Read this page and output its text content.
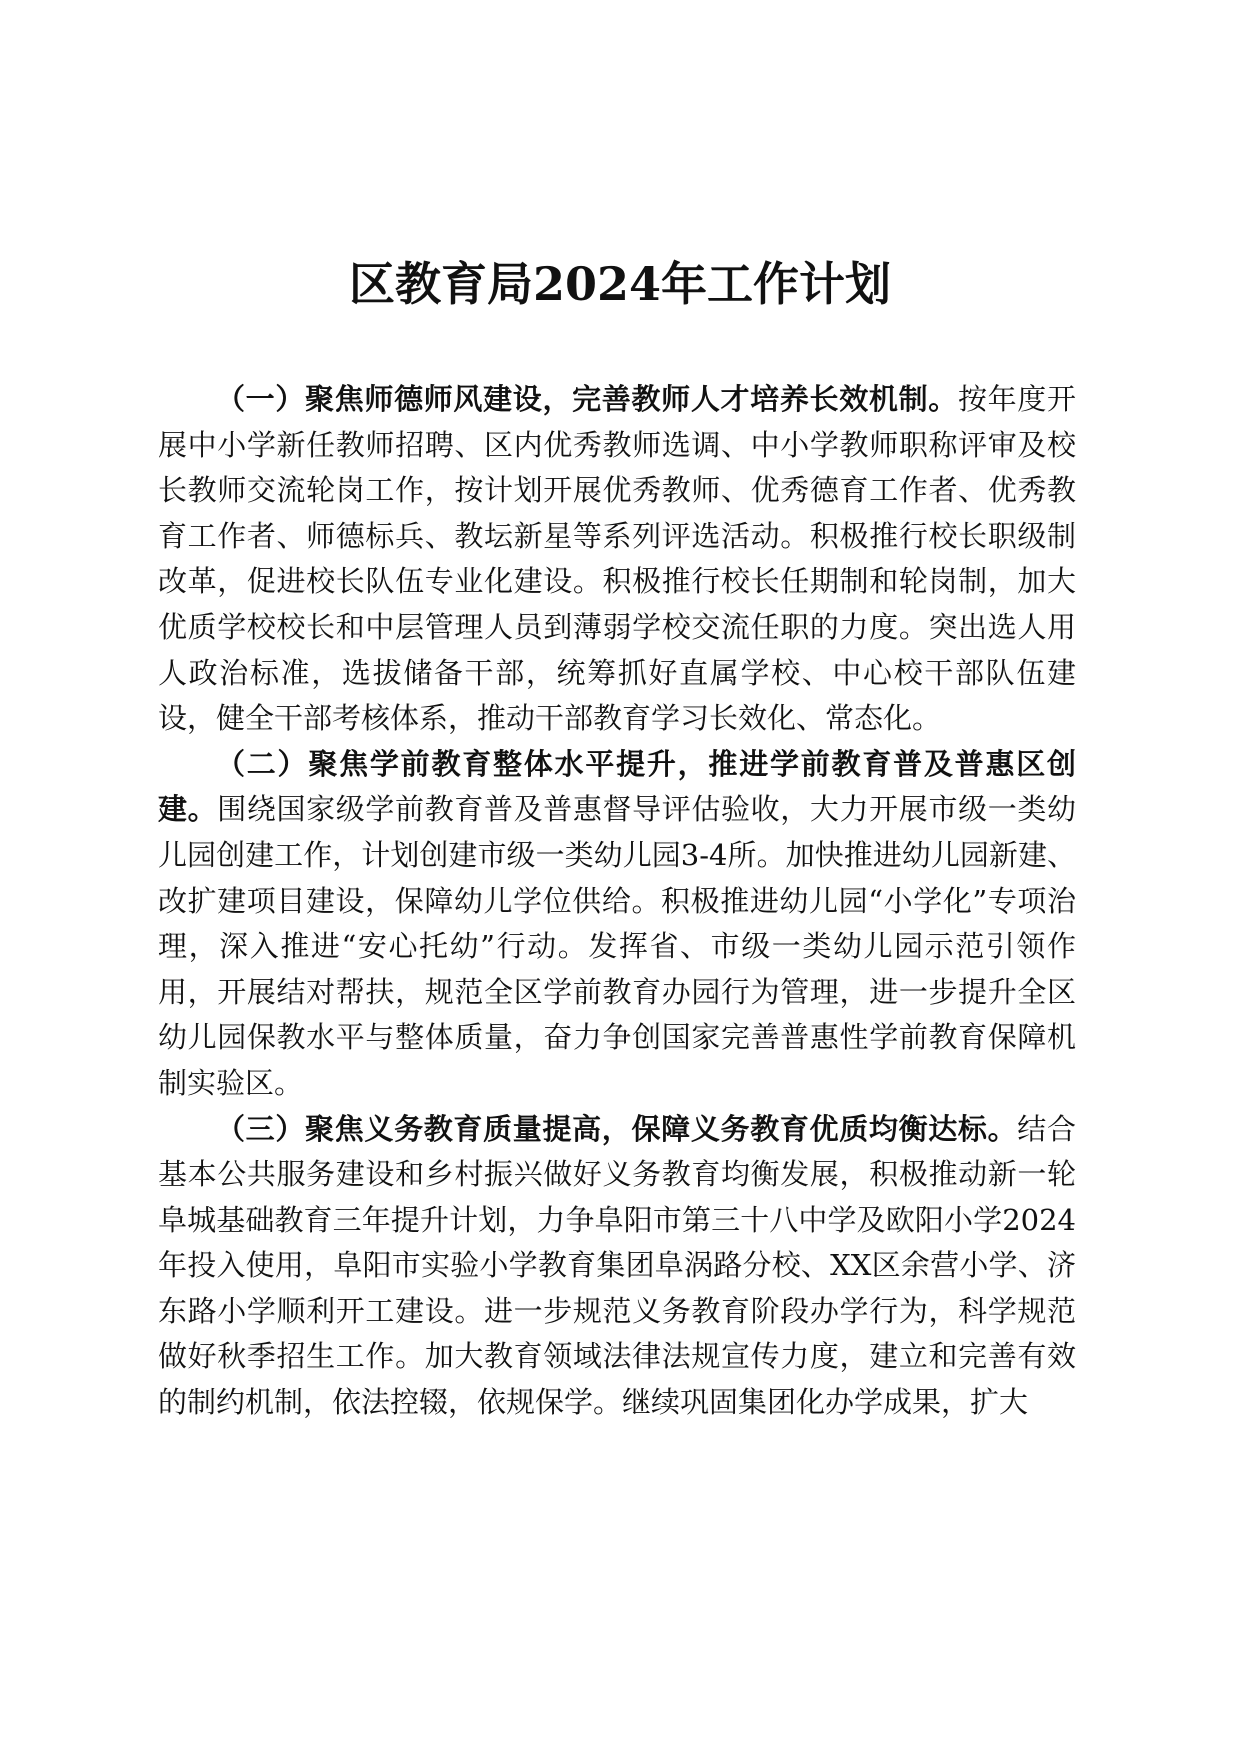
区教育局2024年工作计划

（一）聚焦师德师风建设，完善教师人才培养长效机制。按年度开展中小学新任教师招聘、区内优秀教师选调、中小学教师职称评审及校长教师交流轮岗工作，按计划开展优秀教师、优秀德育工作者、优秀教育工作者、师德标兵、教坛新星等系列评选活动。积极推行校长职级制改革，促进校长队伍专业化建设。积极推行校长任期制和轮岗制，加大优质学校校长和中层管理人员到薄弱学校交流任职的力度。突出选人用人政治标准，选拔储备干部，统筹抓好直属学校、中心校干部队伍建设，健全干部考核体系，推动干部教育学习长效化、常态化。

（二）聚焦学前教育整体水平提升，推进学前教育普及普惠区创建。围绕国家级学前教育普及普惠督导评估验收，大力开展市级一类幼儿园创建工作，计划创建市级一类幼儿园3-4所。加快推进幼儿园新建、改扩建项目建设，保障幼儿学位供给。积极推进幼儿园“小学化”专项治理，深入推进“安心托幼”行动。发挥省、市级一类幼儿园示范引领作用，开展结对帮扶，规范全区学前教育办园行为管理，进一步提升全区幼儿园保教水平与整体质量，奋力争创国家完善普惠性学前教育保障机制实验区。

（三）聚焦义务教育质量提高，保障义务教育优质均衡达标。结合基本公共服务建设和乡村振兴做好义务教育均衡发展，积极推动新一轮阜城基础教育三年提升计划，力争阜阳市第三十八中学及欧阳小学2024年投入使用，阜阳市实验小学教育集团阜涡路分校、XX区余营小学、济东路小学顺利开工建设。进一步规范义务教育阶段办学行为，科学规范做好秋季招生工作。加大教育领域法律法规宣传力度，建立和完善有效的制约机制，依法控辍，依规保学。继续巩固集团化办学成果，扩大
